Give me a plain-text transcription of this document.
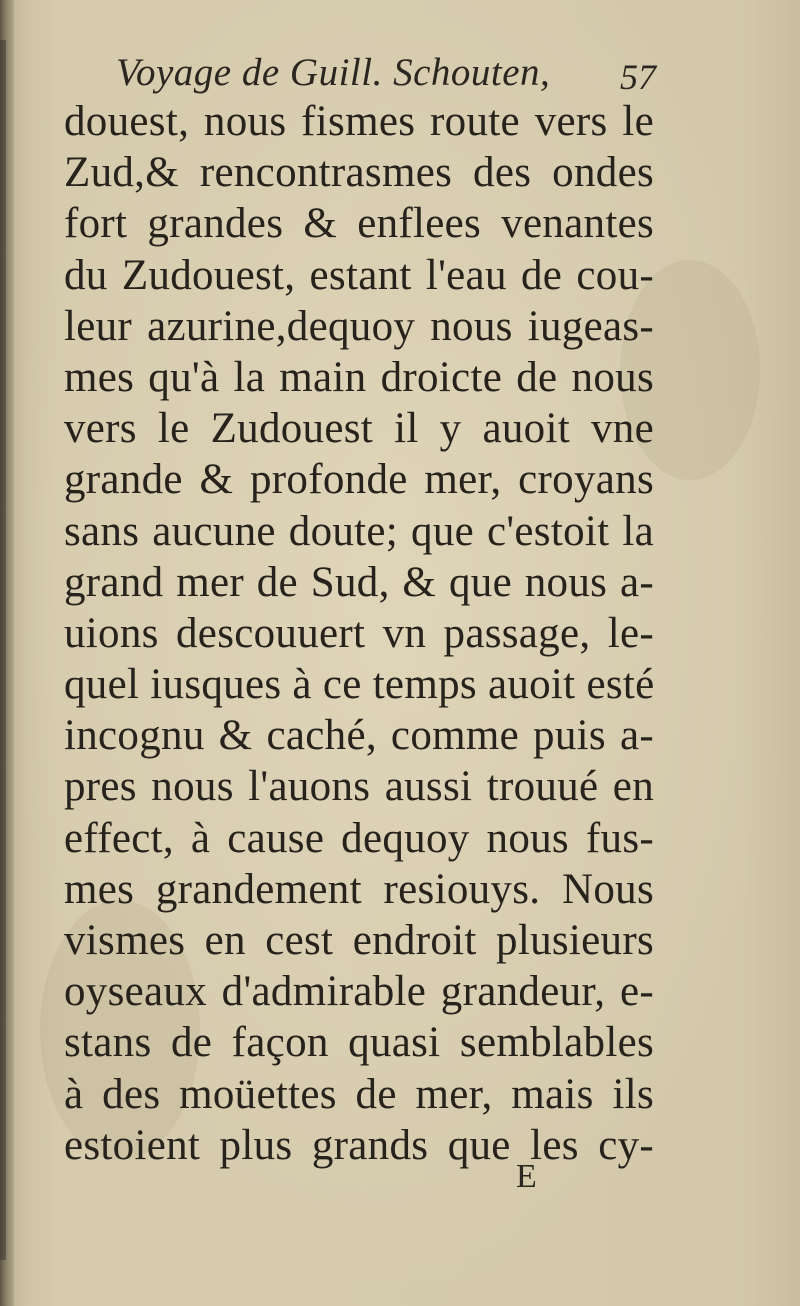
Voyage de Guill. Schouten, 57
douest, nous fismes route vers le
Zud,& rencontrasmes des ondes
fort grandes & enflees venantes
du Zudouest, estant l'eau de cou-
leur azurine,dequoy nous iugeas-
mes qu'à la main droicte de nous
vers le Zudouest il y auoit vne
grande & profonde mer, croyans
sans aucune doute; que c'estoit la
grand mer de Sud, & que nous a-
uions descouuert vn passage, le-
quel iusques à ce temps auoit esté
incognu & caché, comme puis a-
pres nous l'auons aussi trouué en
effect, à cause dequoy nous fus-
mes grandement resiouys. Nous
vismes en cest endroit plusieurs
oyseaux d'admirable grandeur, e-
stans de façon quasi semblables
à des moüettes de mer, mais ils
estoient plus grands que les cy-
E
